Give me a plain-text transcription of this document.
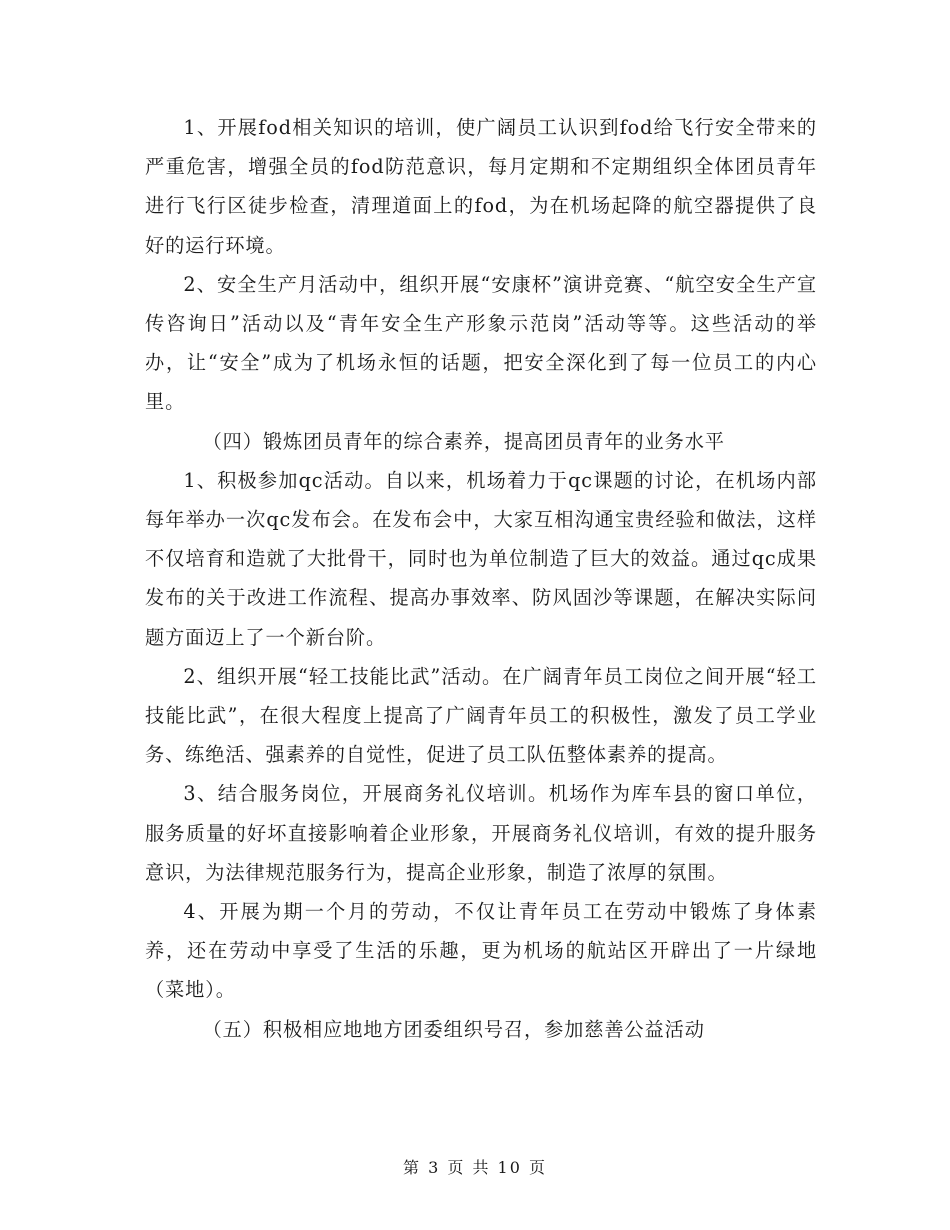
1、开展fod相关知识的培训，使广阔员工认识到fod给飞行安全带来的严重危害，增强全员的fod防范意识，每月定期和不定期组织全体团员青年进行飞行区徒步检查，清理道面上的fod，为在机场起降的航空器提供了良好的运行环境。

2、安全生产月活动中，组织开展“安康杯”演讲竞赛、“航空安全生产宣传咨询日”活动以及“青年安全生产形象示范岗”活动等等。这些活动的举办，让“安全”成为了机场永恒的话题，把安全深化到了每一位员工的内心里。

（四）锻炼团员青年的综合素养，提高团员青年的业务水平

1、积极参加qc活动。自以来，机场着力于qc课题的讨论，在机场内部每年举办一次qc发布会。在发布会中，大家互相沟通宝贵经验和做法，这样不仅培育和造就了大批骨干，同时也为单位制造了巨大的效益。通过qc成果发布的关于改进工作流程、提高办事效率、防风固沙等课题，在解决实际问题方面迈上了一个新台阶。

2、组织开展“轻工技能比武”活动。在广阔青年员工岗位之间开展“轻工技能比武”，在很大程度上提高了广阔青年员工的积极性，激发了员工学业务、练绝活、强素养的自觉性，促进了员工队伍整体素养的提高。

3、结合服务岗位，开展商务礼仪培训。机场作为库车县的窗口单位，服务质量的好坏直接影响着企业形象，开展商务礼仪培训，有效的提升服务意识，为法律规范服务行为，提高企业形象，制造了浓厚的氛围。

4、开展为期一个月的劳动，不仅让青年员工在劳动中锻炼了身体素养，还在劳动中享受了生活的乐趣，更为机场的航站区开辟出了一片绿地（菜地）。

（五）积极相应地地方团委组织号召，参加慈善公益活动

第 3 页 共 10 页
